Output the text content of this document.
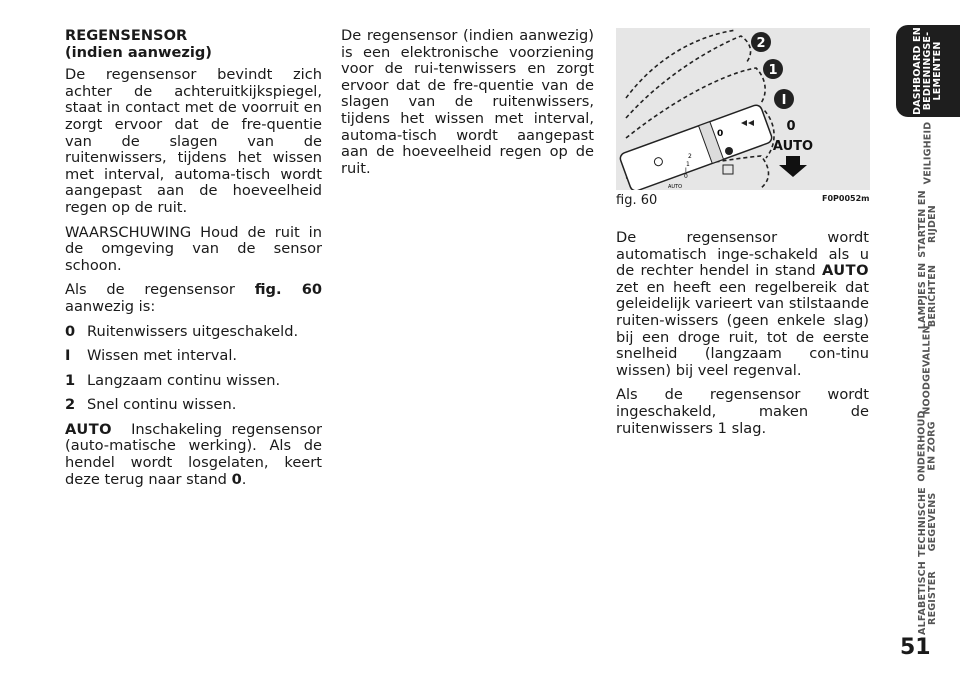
REGENSENSOR
(indien aanwezig)

De regensensor bevindt zich achter de achteruitkijkspiegel, staat in contact met de voorruit en zorgt ervoor dat de fre-quentie van de slagen van de ruitenwissers, tijdens het wissen met interval, automa-tisch wordt aangepast aan de hoeveelheid regen op de ruit.

WAARSCHUWING Houd de ruit in de omgeving van de sensor schoon.

Als de regensensor fig. 60 aanwezig is:

0 Ruitenwissers uitgeschakeld.
I	Wissen met interval.
1 Langzaam continu wissen.
2 Snel continu wissen.

AUTO Inschakeling regensensor (auto-matische werking). Als de hendel wordt losgelaten, keert deze terug naar stand 0.

De regensensor (indien aanwezig) is een elektronische voorziening voor de rui-tenwissers en zorgt ervoor dat de fre-quentie van de slagen van de ruitenwissers, tijdens het wissen met interval, automa-tisch wordt aangepast aan de hoeveelheid regen op de ruit.

0
2
1
I
0
AUTO
2
1
I
0
AUTO
fig. 60	F0P0052m

De regensensor wordt automatisch inge-schakeld als u de rechter hendel in stand AUTO zet en heeft een regelbereik dat geleidelijk varieert van stilstaande ruiten-wissers (geen enkele slag) bij een droge ruit, tot de eerste snelheid (langzaam con-tinu wissen) bij veel regenval.

Als de regensensor wordt ingeschakeld, maken de ruitenwissers 1 slag.

DASHBOARD EN BEDIENINGSE- LEMENTEN
VEILIGHEID
STARTEN EN RIJDEN
LAMPJES EN BERICHTEN
NOODGEVALLEN
ONDERHOUD EN ZORG
TECHNISCHE GEGEVENS
ALFABETISCH REGISTER
51
